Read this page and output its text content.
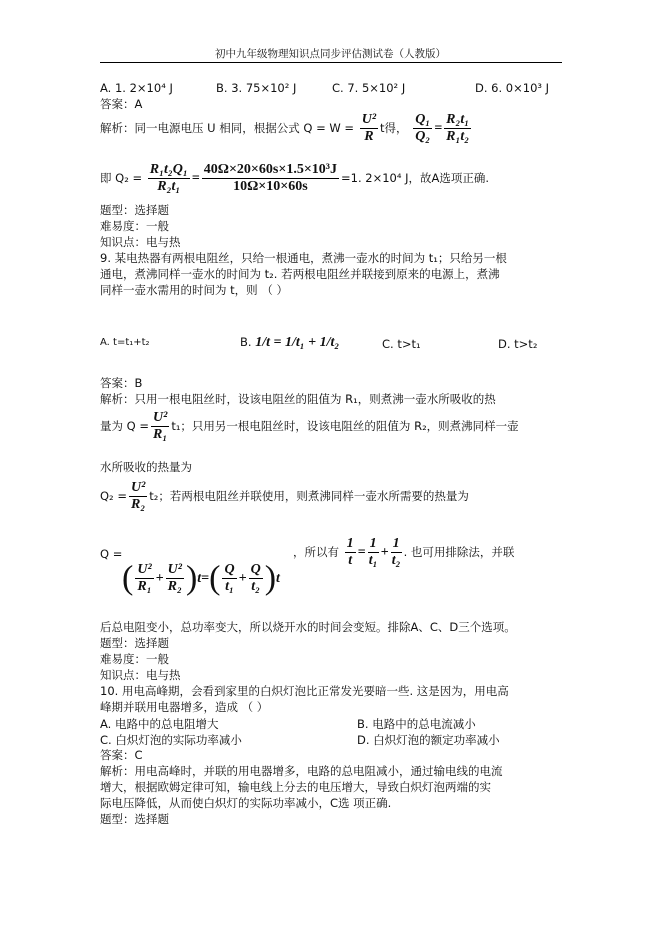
初中九年级物理知识点同步评估测试卷（人教版）
A. 1. 2×10⁴ J	B. 3. 75×10² J	C. 7. 5×10² J	D. 6. 0×10³ J
答案：A
解析：同一电源电压 U 相同，根据公式 $Q = W = \frac{\text{U²}}{R}$ t得， $\frac{\text{Q₁}}{\text{Q₂}} = \frac{\text{R₂t₁}}{\text{R₁t₂}}$
即 $Q_2 = \frac{\text{R₁t₂Q₁}}{\text{R₂t₁}} = \frac{\text{40Ω×20×60s×1.5×10³J}}{10\Omega\times 10\times 60s} =1$. 2×10⁴ J，故A选项正确.
题型：选择题
难易度：一般
知识点：电与热
9. 某电热器有两根电阻丝，只给一根通电，煮沸一壶水的时间为 t₁；只给另一根
通电，煮沸同样一壶水的时间为 t₂. 若两根电阻丝并联接到原来的电源上，煮沸
同样一壶水需用的时间为 t，则 （ ）
A. t=t₁+t₂	B. 1/t = 1/t₁ + 1/t₂	C. t>t₁	D. t>t₂
答案：B
解析：只用一根电阻丝时，设该电阻丝的阻值为 R₁，则煮沸一壶水所吸收的热
量为 $Q = \frac{\text{U²}}{\text{R₁}} t_1$；只用另一根电阻丝时，设该电阻丝的阻值为 R₂，则煮沸同样一壶
水所吸收的热量为
$Q_2 = \frac{\text{U²}}{\text{R₂}} t_2$；若两根电阻丝并联使用，则煮沸同样一壶水所需要的热量为
Q =	，所以有 $\frac{1}{t} = \frac{1}{\text{t₁}} + \frac{1}{\text{t₂}}$ . 也可用排除法，并联
( $\frac{\text{U²}}{\text{R₁}} + \frac{\text{U²}}{\text{R₂}} )t=( \frac{Q}{\text{t₁}} + \frac{Q}{\text{t₂}} )t$
后总电阻变小，总功率变大，所以烧开水的时间会变短。排除A、C、D三个选项。
题型：选择题
难易度：一般
知识点：电与热
10. 用电高峰期，会看到家里的白炽灯泡比正常发光要暗一些. 这是因为，用电高
峰期并联用电器增多，造成 （ ）
A. 电路中的总电阻增大	B. 电路中的总电流减小
C. 白炽灯泡的实际功率减小	D. 白炽灯泡的额定功率减小
答案：C
解析：用电高峰时，并联的用电器增多，电路的总电阻减小，通过输电线的电流
增大，根据欧姆定律可知，输电线上分去的电压增大，导致白炽灯泡两端的实
际电压降低，从而使白炽灯的实际功率减小，C选 项正确.
题型：选择题
